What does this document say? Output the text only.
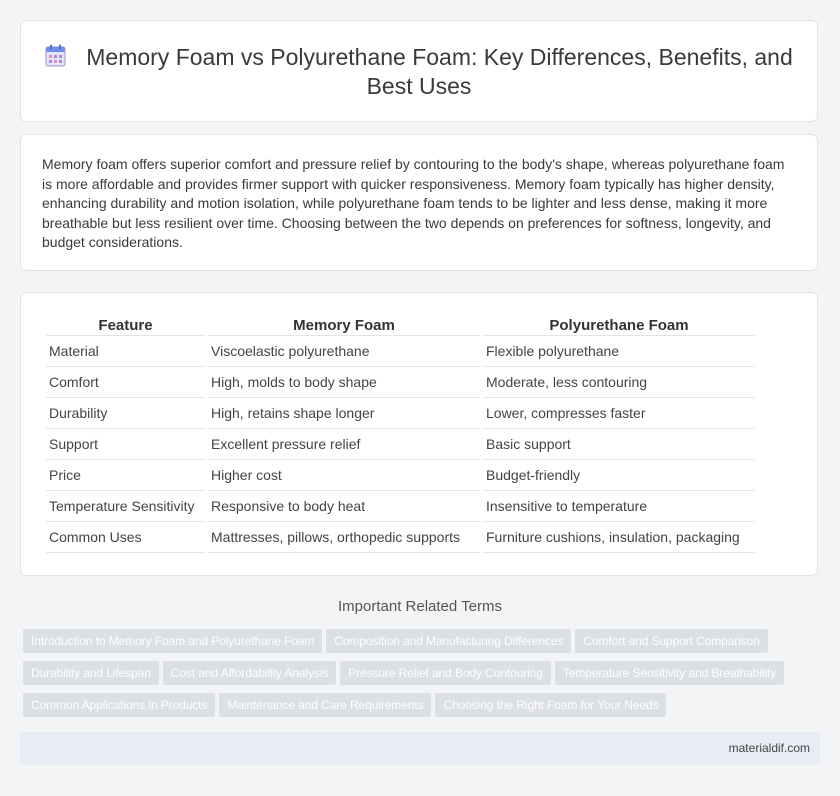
Memory Foam vs Polyurethane Foam: Key Differences, Benefits, and Best Uses

Memory foam offers superior comfort and pressure relief by contouring to the body's shape, whereas polyurethane foam is more affordable and provides firmer support with quicker responsiveness. Memory foam typically has higher density, enhancing durability and motion isolation, while polyurethane foam tends to be lighter and less dense, making it more breathable but less resilient over time. Choosing between the two depends on preferences for softness, longevity, and budget considerations.

Feature	Memory Foam	Polyurethane Foam
Material	Viscoelastic polyurethane	Flexible polyurethane
Comfort	High, molds to body shape	Moderate, less contouring
Durability	High, retains shape longer	Lower, compresses faster
Support	Excellent pressure relief	Basic support
Price	Higher cost	Budget-friendly
Temperature Sensitivity	Responsive to body heat	Insensitive to temperature
Common Uses	Mattresses, pillows, orthopedic supports	Furniture cushions, insulation, packaging
Important Related Terms
Introduction to Memory Foam and Polyurethane Foam Composition and Manufacturing Differences Comfort and Support Comparison
Durability and Lifespan Cost and Affordability Analysis Pressure Relief and Body Contouring Temperature Sensitivity and Breathability
Common Applications in Products Maintenance and Care Requirements Choosing the Right Foam for Your Needs
materialdif.com
